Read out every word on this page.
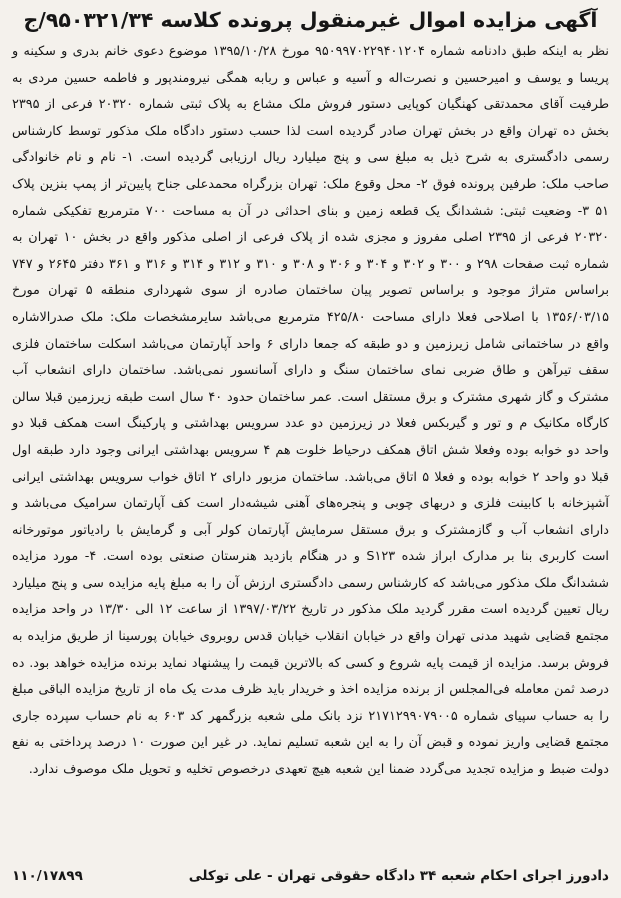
آگهی مزایده اموال غیرمنقول پرونده کلاسه ۹۵۰۳۲۱/۳۴/ج

نظر به اینکه طبق دادنامه شماره ۹۵۰۹۹۷۰۲۲۹۴۰۱۲۰۴ مورخ ۱۳۹۵/۱۰/۲۸ موضوع دعوی خانم بدری و سکینه و پریسا و یوسف و امیرحسین و نصرت‌اله و آسیه و عباس و ربابه همگی نیرومندپور و فاطمه حسین مردی به طرفیت آقای محمدتقی کهنگیان کوپایی دستور فروش ملک مشاع به پلاک ثبتی شماره ۲۰۳۲۰ فرعی از ۲۳۹۵ بخش ده تهران واقع در بخش تهران صادر گردیده است لذا حسب دستور دادگاه ملک مذکور توسط کارشناس رسمی دادگستری به شرح ذیل به مبلغ سی و پنج میلیارد ریال ارزیابی گردیده است. ۱- نام و نام خانوادگی صاحب ملک: طرفین پرونده فوق ۲- محل وقوع ملک: تهران بزرگراه محمدعلی جناح پایین‌تر از پمپ بنزین پلاک ۵۱ ۳- وضعیت ثبتی: ششدانگ یک قطعه زمین و بنای احداثی در آن به مساحت ۷۰۰ مترمربع تفکیکی شماره ۲۰۳۲۰ فرعی از ۲۳۹۵ اصلی مفروز و مجزی شده از پلاک فرعی از اصلی مذکور واقع در بخش ۱۰ تهران به شماره ثبت صفحات ۲۹۸ و ۳۰۰ و ۳۰۲ و ۳۰۴ و ۳۰۶ و ۳۰۸ و ۳۱۰ و ۳۱۲ و ۳۱۴ و ۳۱۶ و ۳۶۱ دفتر ۲۶۴۵ و ۷۴۷ براساس متراژ موجود و براساس تصویر پیان ساختمان صادره از سوی شهرداری منطقه ۵ تهران مورخ ۱۳۵۶/۰۳/۱۵ با اصلاحی فعلا دارای مساحت ۴۲۵/۸۰ مترمربع می‌باشد سایرمشخصات ملک: ملک صدرالاشاره واقع در ساختمانی شامل زیرزمین و دو طبقه که جمعا دارای ۶ واحد آپارتمان می‌باشد اسکلت ساختمان فلزی سقف تیرآهن و طاق ضربی نمای ساختمان سنگ و دارای آسانسور نمی‌باشد. ساختمان دارای انشعاب آب مشترک و گاز شهری مشترک و برق مستقل است. عمر ساختمان حدود ۴۰ سال است طبقه زیرزمین قبلا سالن کارگاه مکانیک م و تور و گیربکس فعلا در زیرزمین دو عدد سرویس بهداشتی و پارکینگ است همکف قبلا دو واحد دو خوابه بوده وفعلا شش اتاق همکف درحیاط خلوت هم ۴ سرویس بهداشتی ایرانی وجود دارد طبقه اول قبلا دو واحد ۲ خوابه بوده و فعلا ۵ اتاق می‌باشد. ساختمان مزبور دارای ۲ اتاق خواب سرویس بهداشتی ایرانی آشپزخانه با کابینت فلزی و دربهای چوبی و پنجره‌های آهنی شیشه‌دار است کف آپارتمان سرامیک می‌باشد و دارای انشعاب آب و گازمشترک و برق مستقل سرمایش آپارتمان کولر آبی و گرمایش با رادیاتور موتورخانه است کاربری بنا بر مدارک ابراز شده S۱۲۳ و در هنگام بازدید هنرستان صنعتی بوده است. ۴- مورد مزایده ششدانگ ملک مذکور می‌باشد که کارشناس رسمی دادگستری ارزش آن را به مبلغ پایه مزایده سی و پنج میلیارد ریال تعیین گردیده است مقرر گردید ملک مذکور در تاریخ ۱۳۹۷/۰۳/۲۲ از ساعت ۱۲ الی ۱۳/۳۰ در واحد مزایده مجتمع قضایی شهید مدنی تهران واقع در خیابان انقلاب خیابان قدس روبروی خیابان پورسینا از طریق مزایده به فروش برسد. مزایده از قیمت پایه شروع و کسی که بالاترین قیمت را پیشنهاد نماید برنده مزایده خواهد بود. ده درصد ثمن معامله فی‌المجلس از برنده مزایده اخذ و خریدار باید ظرف مدت یک ماه از تاریخ مزایده الباقی مبلغ را به حساب سپیای شماره ۲۱۷۱۲۹۹۰۷۹۰۰۵ نزد بانک ملی شعبه بزرگمهر کد ۶۰۳ به نام حساب سپرده جاری مجتمع قضایی واریز نموده و قبض آن را به این شعبه تسلیم نماید. در غیر این صورت ۱۰ درصد پرداختی به نفع دولت ضبط و مزایده تجدید می‌گردد ضمنا این شعبه هیچ تعهدی درخصوص تخلیه و تحویل ملک موصوف ندارد.

دادورز اجرای احکام شعبه ۳۴ دادگاه حقوقی تهران - علی توکلی
۱۱۰/۱۷۸۹۹
